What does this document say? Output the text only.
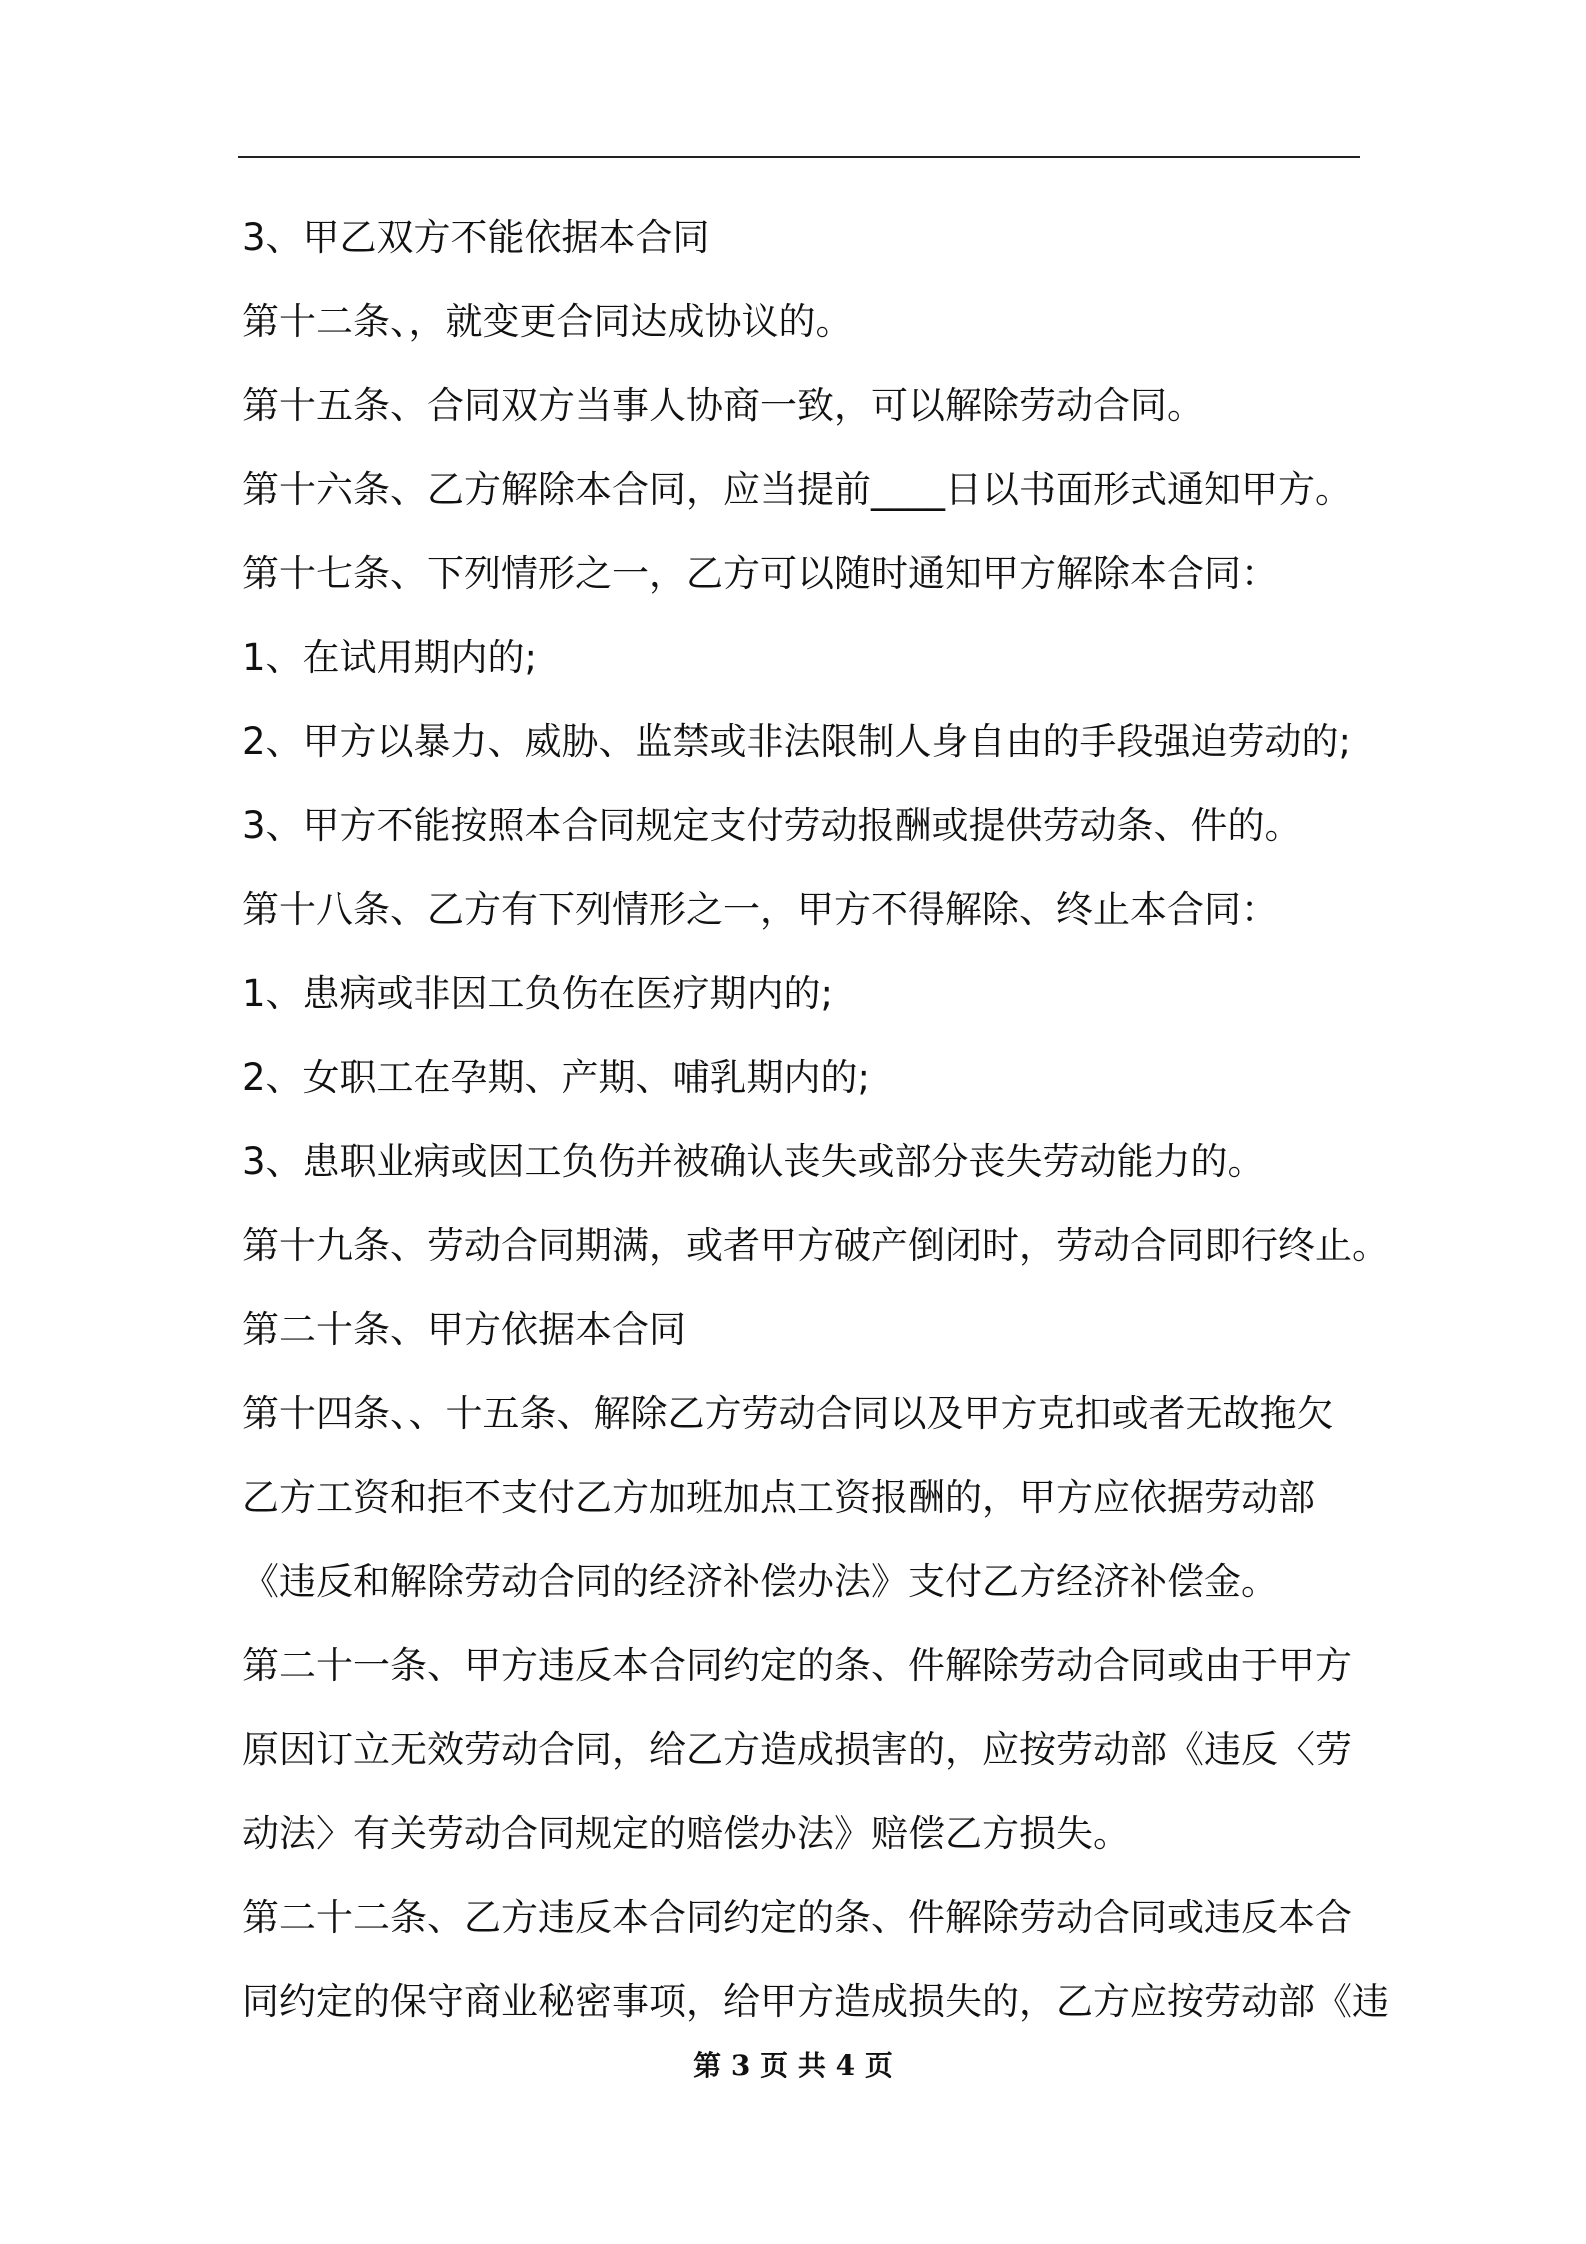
3、甲乙双方不能依据本合同
第十二条、，就变更合同达成协议的。
第十五条、合同双方当事人协商一致，可以解除劳动合同。
第十六条、乙方解除本合同，应当提前____日以书面形式通知甲方。
第十七条、下列情形之一，乙方可以随时通知甲方解除本合同：
1、在试用期内的;
2、甲方以暴力、威胁、监禁或非法限制人身自由的手段强迫劳动的;
3、甲方不能按照本合同规定支付劳动报酬或提供劳动条、件的。
第十八条、乙方有下列情形之一，甲方不得解除、终止本合同：
1、患病或非因工负伤在医疗期内的;
2、女职工在孕期、产期、哺乳期内的;
3、患职业病或因工负伤并被确认丧失或部分丧失劳动能力的。
第十九条、劳动合同期满，或者甲方破产倒闭时，劳动合同即行终止。
第二十条、甲方依据本合同
第十四条、、十五条、解除乙方劳动合同以及甲方克扣或者无故拖欠
乙方工资和拒不支付乙方加班加点工资报酬的，甲方应依据劳动部
《违反和解除劳动合同的经济补偿办法》支付乙方经济补偿金。
第二十一条、甲方违反本合同约定的条、件解除劳动合同或由于甲方
原因订立无效劳动合同，给乙方造成损害的，应按劳动部《违反〈劳
动法〉有关劳动合同规定的赔偿办法》赔偿乙方损失。
第二十二条、乙方违反本合同约定的条、件解除劳动合同或违反本合
同约定的保守商业秘密事项，给甲方造成损失的，乙方应按劳动部《违
第 3 页 共 4 页
